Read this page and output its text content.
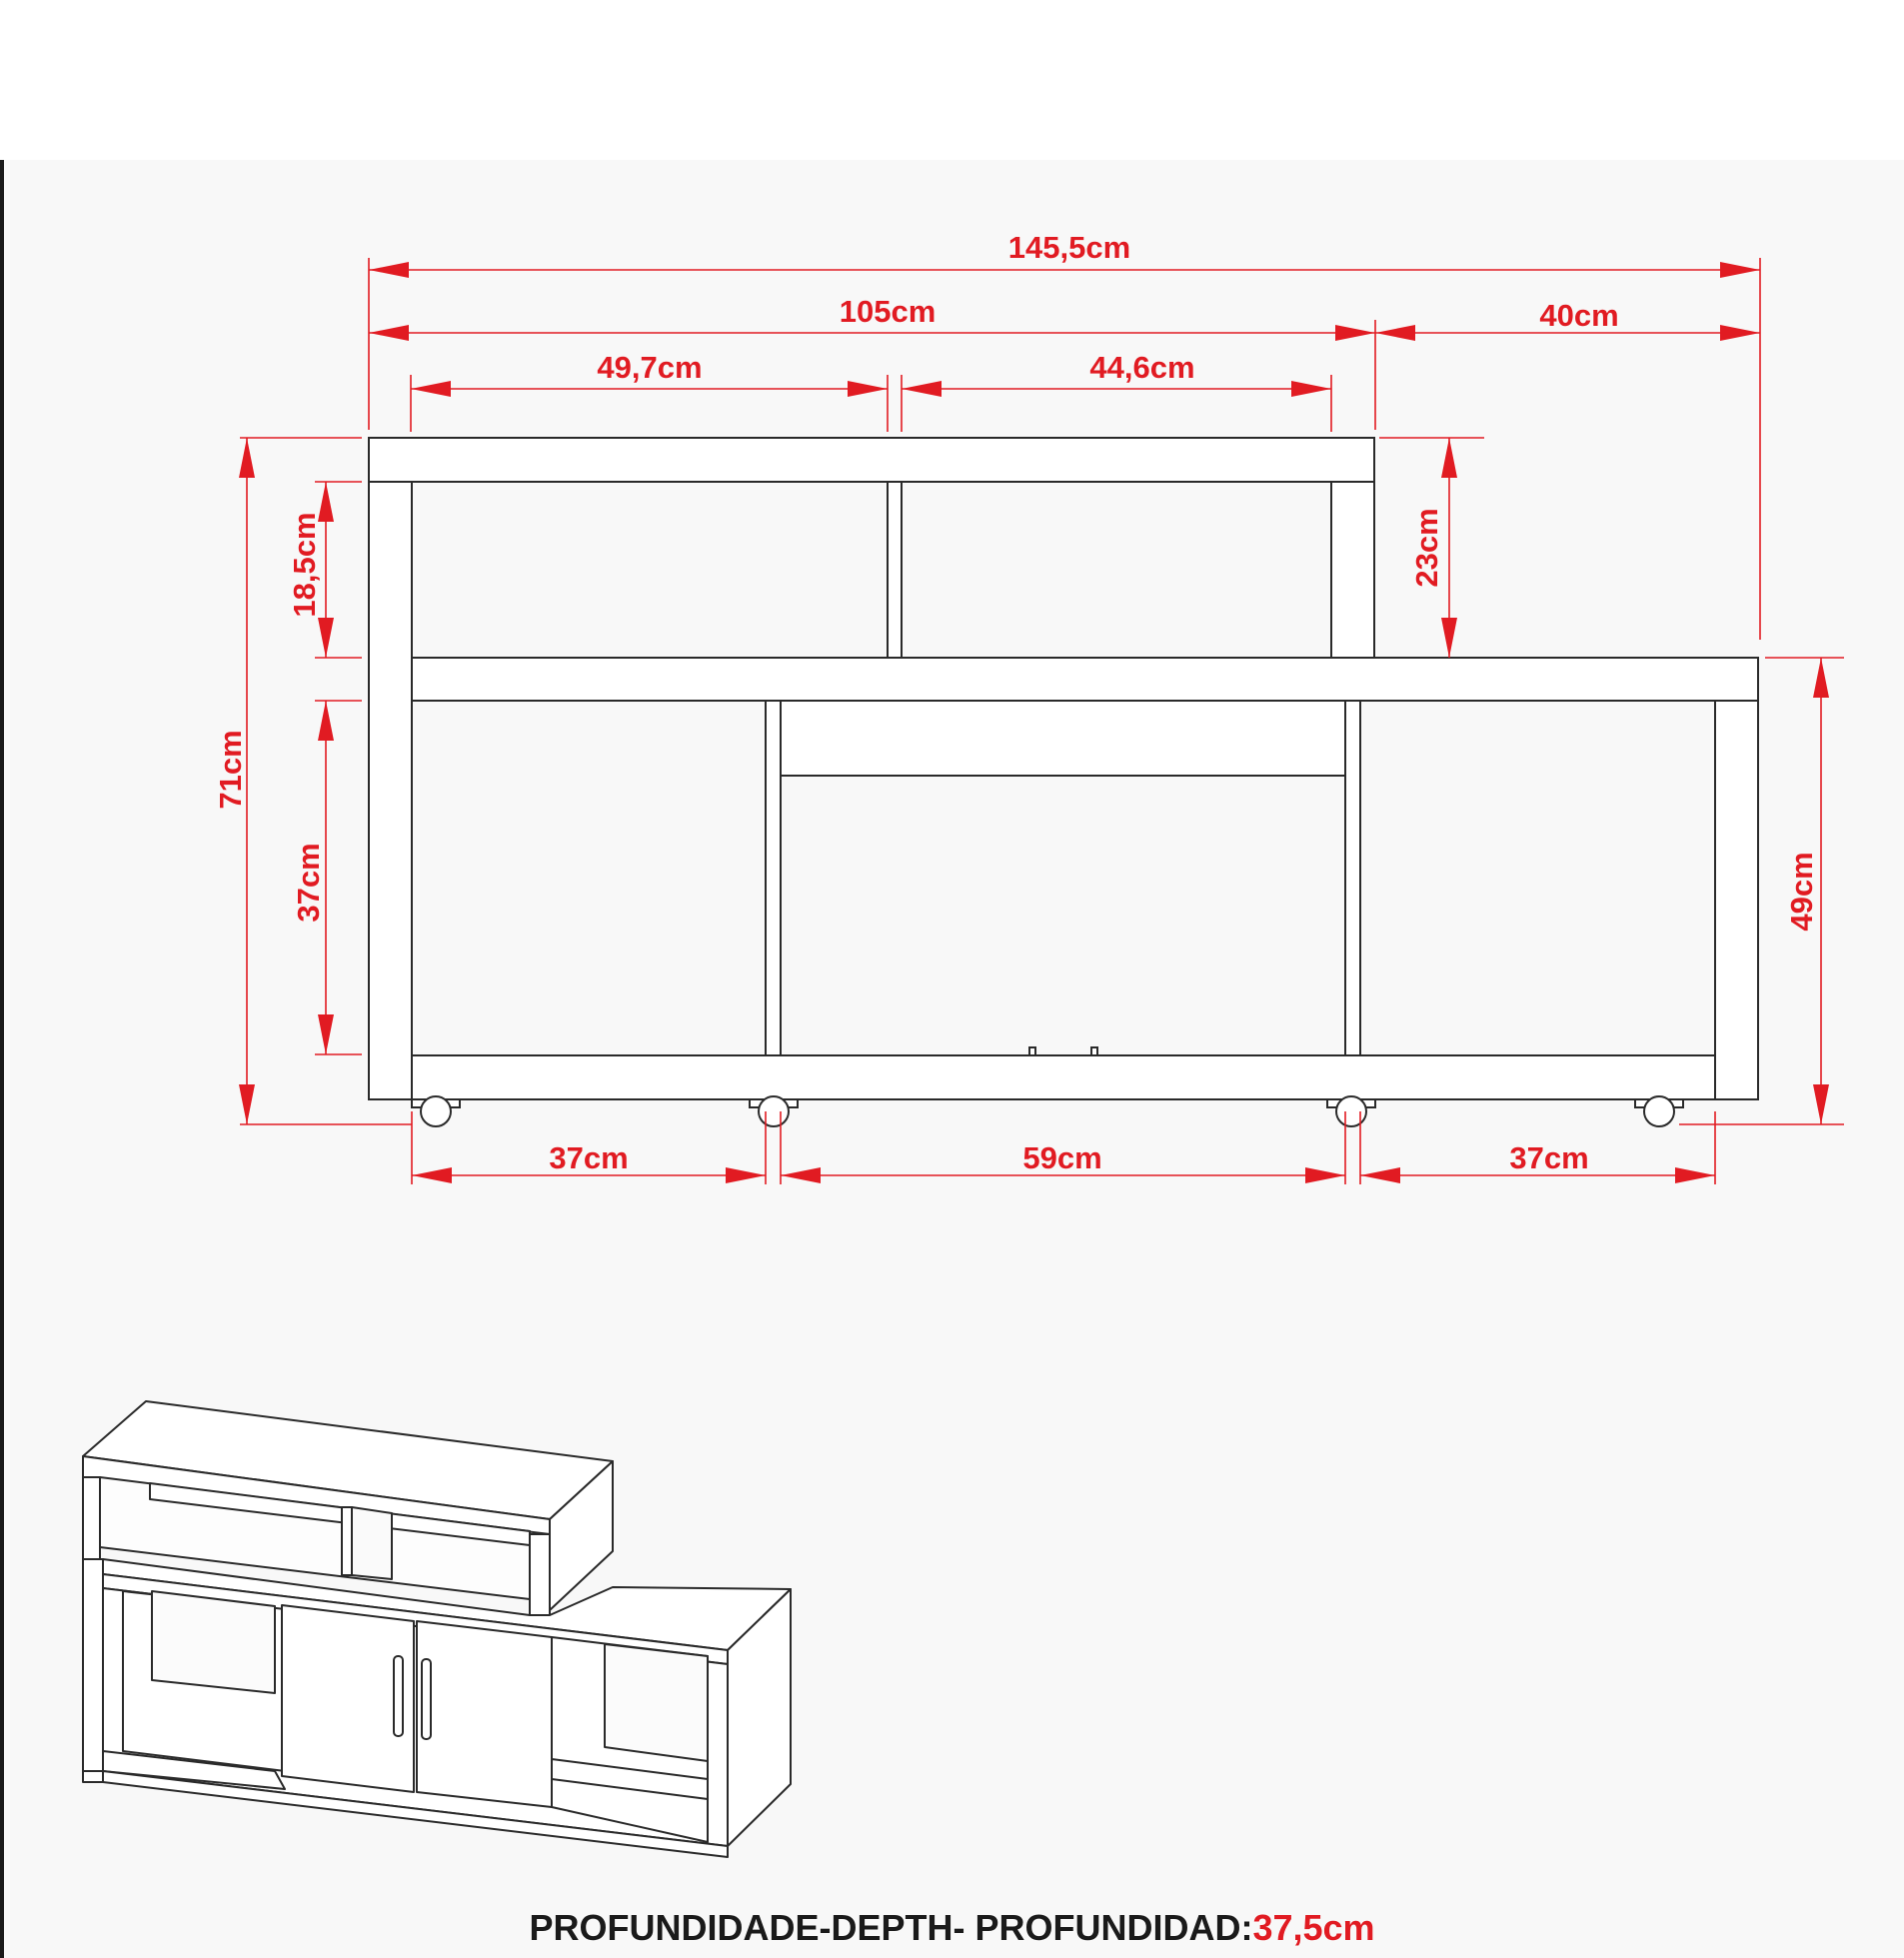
145,5cm
105cm	40cm
49,7cm	44,6cm
71cm
18,5cm
37cm
23cm
49cm
37cm	59cm	37cm
PROFUNDIDADE-DEPTH- PROFUNDIDAD:37,5cm
